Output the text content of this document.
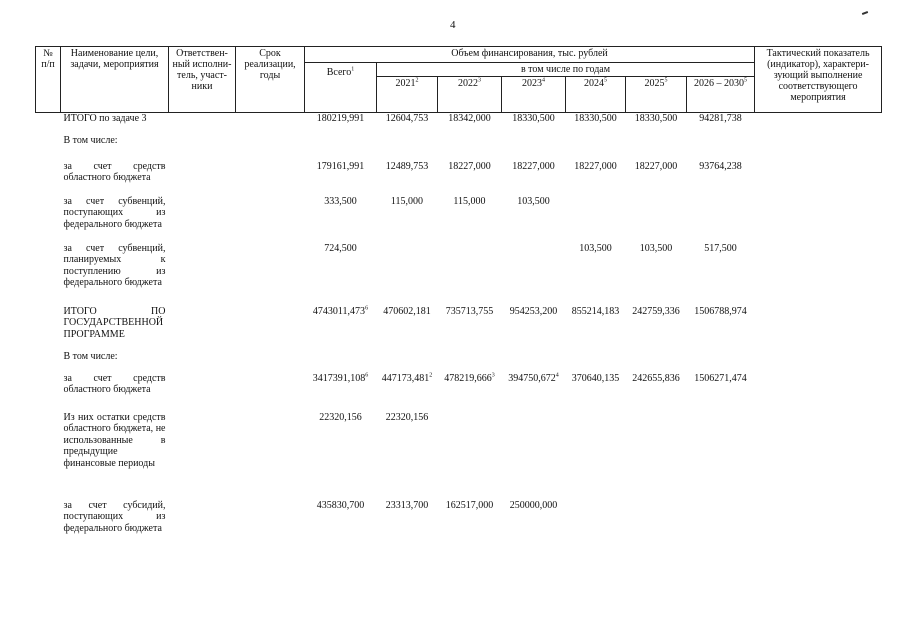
4
№ п/п	Наименование цели, задачи, мероприятия	Ответствен-ный исполни-тель, участ-ники	Срок реализации, годы	Объем финансирования, тыс. рублей							Тактический показатель (индикатор), характери-зующий выполнение соответствующего мероприятия
				Всего$^1$	в том числе по годам						
					2021$^2$	2022$^3$	2023$^4$	2024$^5$	2025$^5$	2026 – 2030$^5$
	ИТОГО по задаче 3			180219,991	12604,753	18342,000	18330,500	18330,500	18330,500	94281,738	
	В том числе:										
	за счет средств областного бюджета			179161,991	12489,753	18227,000	18227,000	18227,000	18227,000	93764,238	
	за счет субвенций, поступающих из федерального бюджета			333,500	115,000	115,000	103,500				
	за счет субвенций, планируемых к поступлению из федерального бюджета			724,500				103,500	103,500	517,500	
	ИТОГО ПО ГОСУДАРСТВЕННОЙ ПРОГРАММЕ			4743011,473$^6$	470602,181	735713,755	954253,200	855214,183	242759,336	1506788,974	
	В том числе:										
	за счет средств областного бюджета			3417391,108$^6$	447173,481$^2$	478219,666$^3$	394750,672$^4$	370640,135	242655,836	1506271,474	
	Из них остатки средств областного бюджета, не использованные в предыдущие финансовые периоды			22320,156	22320,156						
	за счет субсидий, поступающих из федерального бюджета			435830,700	23313,700	162517,000	250000,000				
